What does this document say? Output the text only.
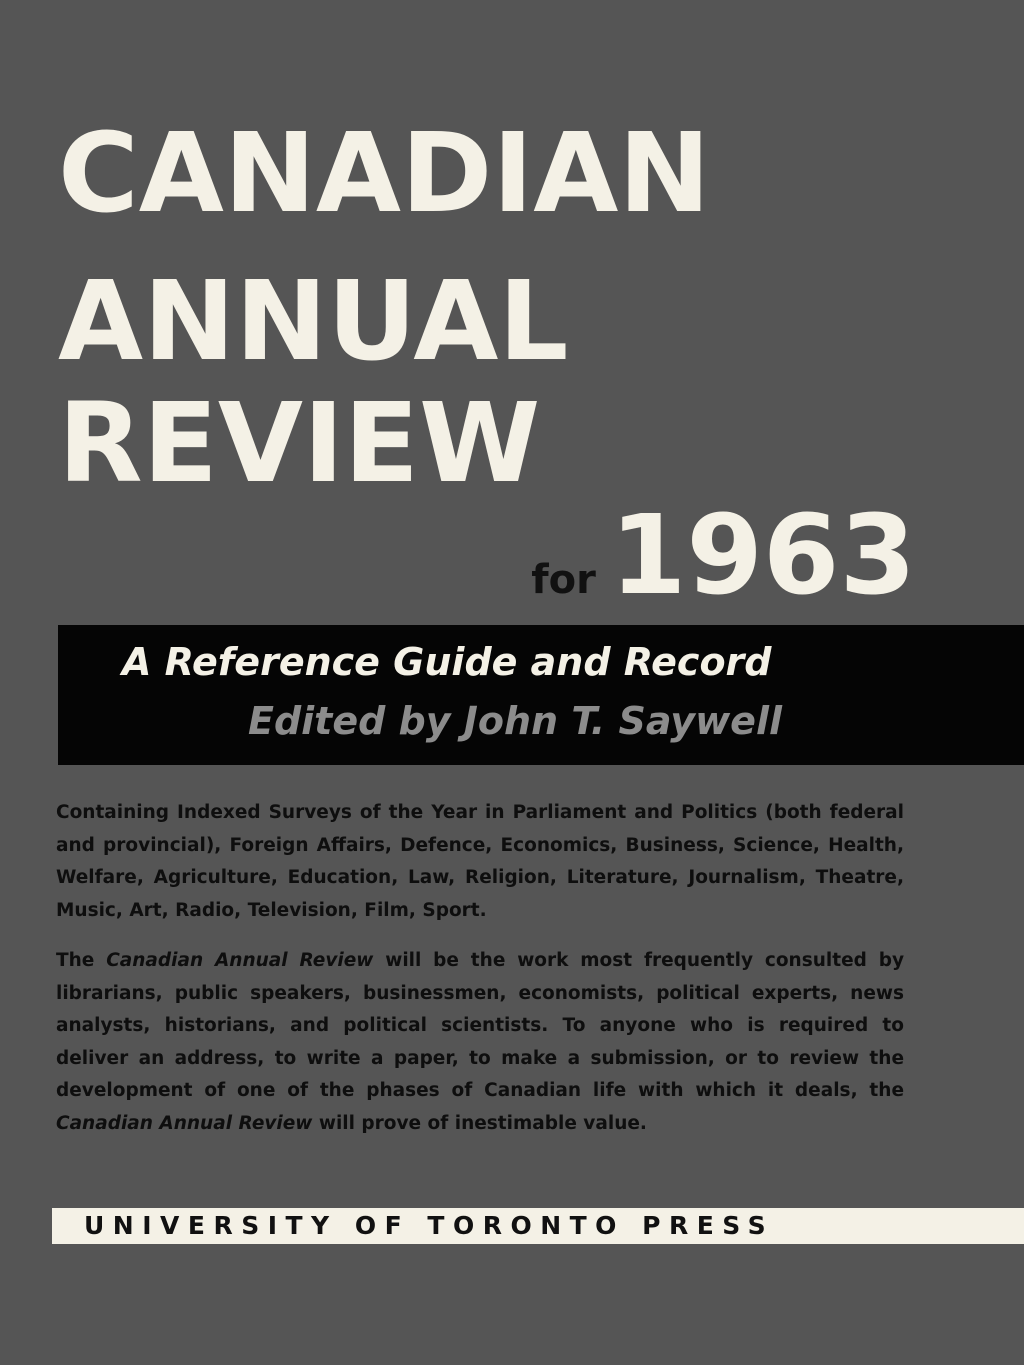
CANADIAN
ANNUAL
REVIEW
for 1963

A Reference Guide and Record

Edited by John T. Saywell

Containing Indexed Surveys of the Year in Parliament and Politics (both federal and provincial), Foreign Affairs, Defence, Economics, Business, Science, Health, Welfare, Agriculture, Education, Law, Religion, Literature, Journalism, Theatre, Music, Art, Radio, Television, Film, Sport.

The Canadian Annual Review will be the work most frequently consulted by librarians, public speakers, businessmen, economists, political experts, news analysts, historians, and political scientists. To anyone who is required to deliver an address, to write a paper, to make a submission, or to review the development of one of the phases of Canadian life with which it deals, the Canadian Annual Review will prove of inestimable value.

UNIVERSITY OF TORONTO PRESS
